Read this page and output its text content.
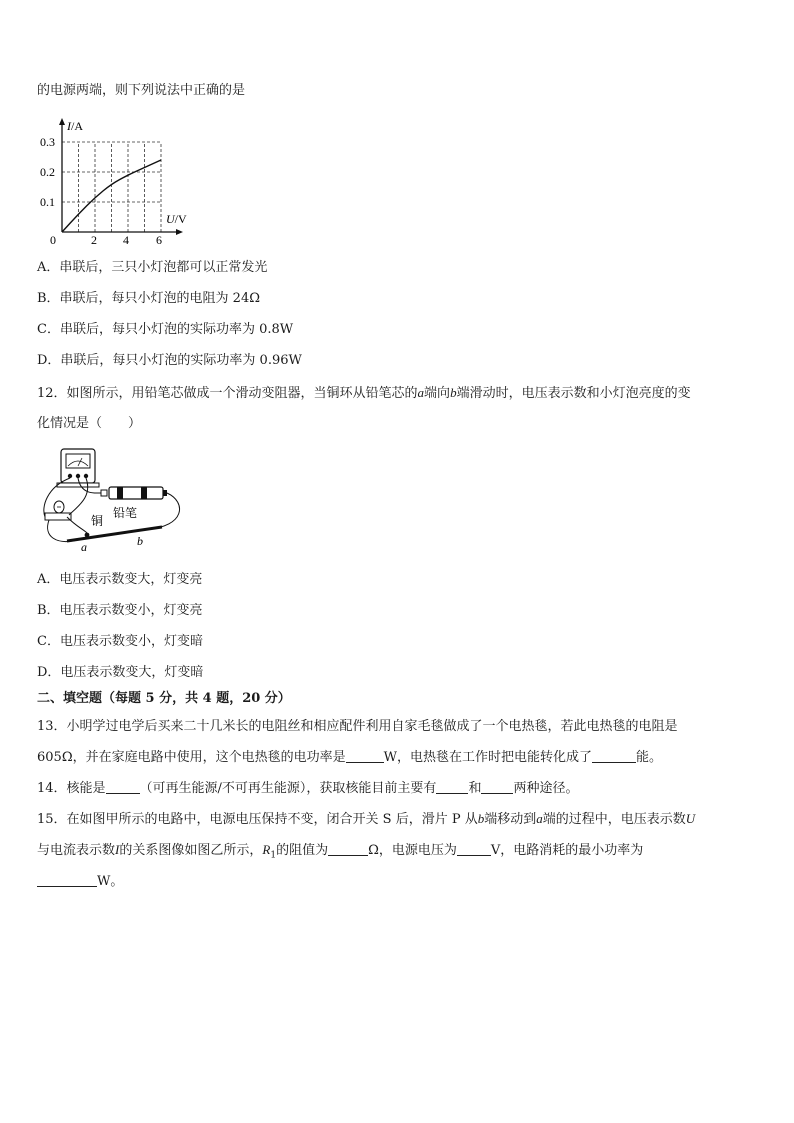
的电源两端，则下列说法中正确的是
I/A
U/V
0	2 4 6
0.1
0.2
0.3
A．串联后，三只小灯泡都可以正常发光
B．串联后，每只小灯泡的电阻为 24Ω
C．串联后，每只小灯泡的实际功率为 0.8W
D．串联后，每只小灯泡的实际功率为 0.96W
12．如图所示，用铅笔芯做成一个滑动变阻器，当铜环从铅笔芯的a端向b端滑动时，电压表示数和小灯泡亮度的变
化情况是（　　）
铜
铅笔
a	b
A．电压表示数变大，灯变亮
B．电压表示数变小，灯变亮
C．电压表示数变小，灯变暗
D．电压表示数变大，灯变暗
二、填空题（每题 5 分，共 4 题，20 分）
13．小明学过电学后买来二十几米长的电阻丝和相应配件利用自家毛毯做成了一个电热毯，若此电热毯的电阻是
605Ω，并在家庭电路中使用，这个电热毯的电功率是	W，电热毯在工作时把电能转化成了	能。
14．核能是	（可再生能源/不可再生能源），获取核能目前主要有 和 两种途径。
15．在如图甲所示的电路中，电源电压保持不变，闭合开关 S 后，滑片 P 从b端移动到a端的过程中，电压表示数U
与电流表示数I的关系图像如图乙所示，$R_1$的阻值为	Ω，电源电压为	V，电路消耗的最小功率为
W。
